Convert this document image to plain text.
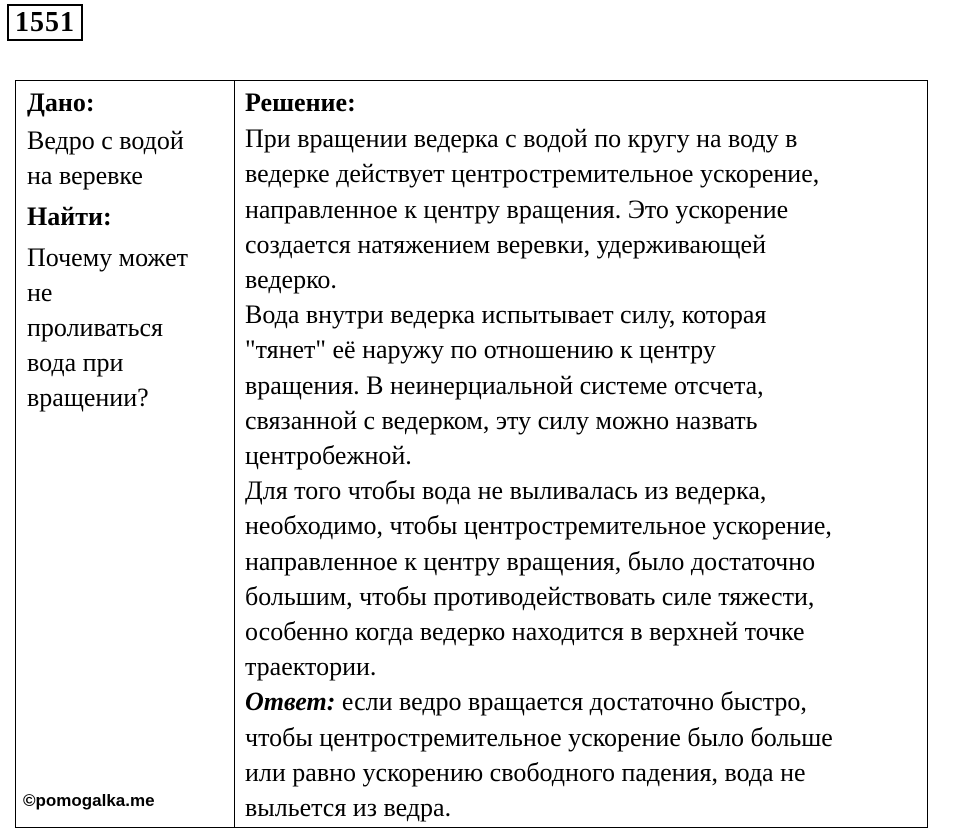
1551
Дано:
Ведро с водой
на веревке
Найти:
Почему может
не
проливаться
вода при
вращении?
Решение:
При вращении ведерка с водой по кругу на воду в
ведерке действует центростремительное ускорение,
направленное к центру вращения. Это ускорение
создается натяжением веревки, удерживающей
ведерко.
Вода внутри ведерка испытывает силу, которая
"тянет" её наружу по отношению к центру
вращения. В неинерциальной системе отсчета,
связанной с ведерком, эту силу можно назвать
центробежной.
Для того чтобы вода не выливалась из ведерка,
необходимо, чтобы центростремительное ускорение,
направленное к центру вращения, было достаточно
большим, чтобы противодействовать силе тяжести,
особенно когда ведерко находится в верхней точке
траектории.
Ответ: если ведро вращается достаточно быстро,
чтобы центростремительное ускорение было больше
или равно ускорению свободного падения, вода не
выльется из ведра.
©pomogalka.me
